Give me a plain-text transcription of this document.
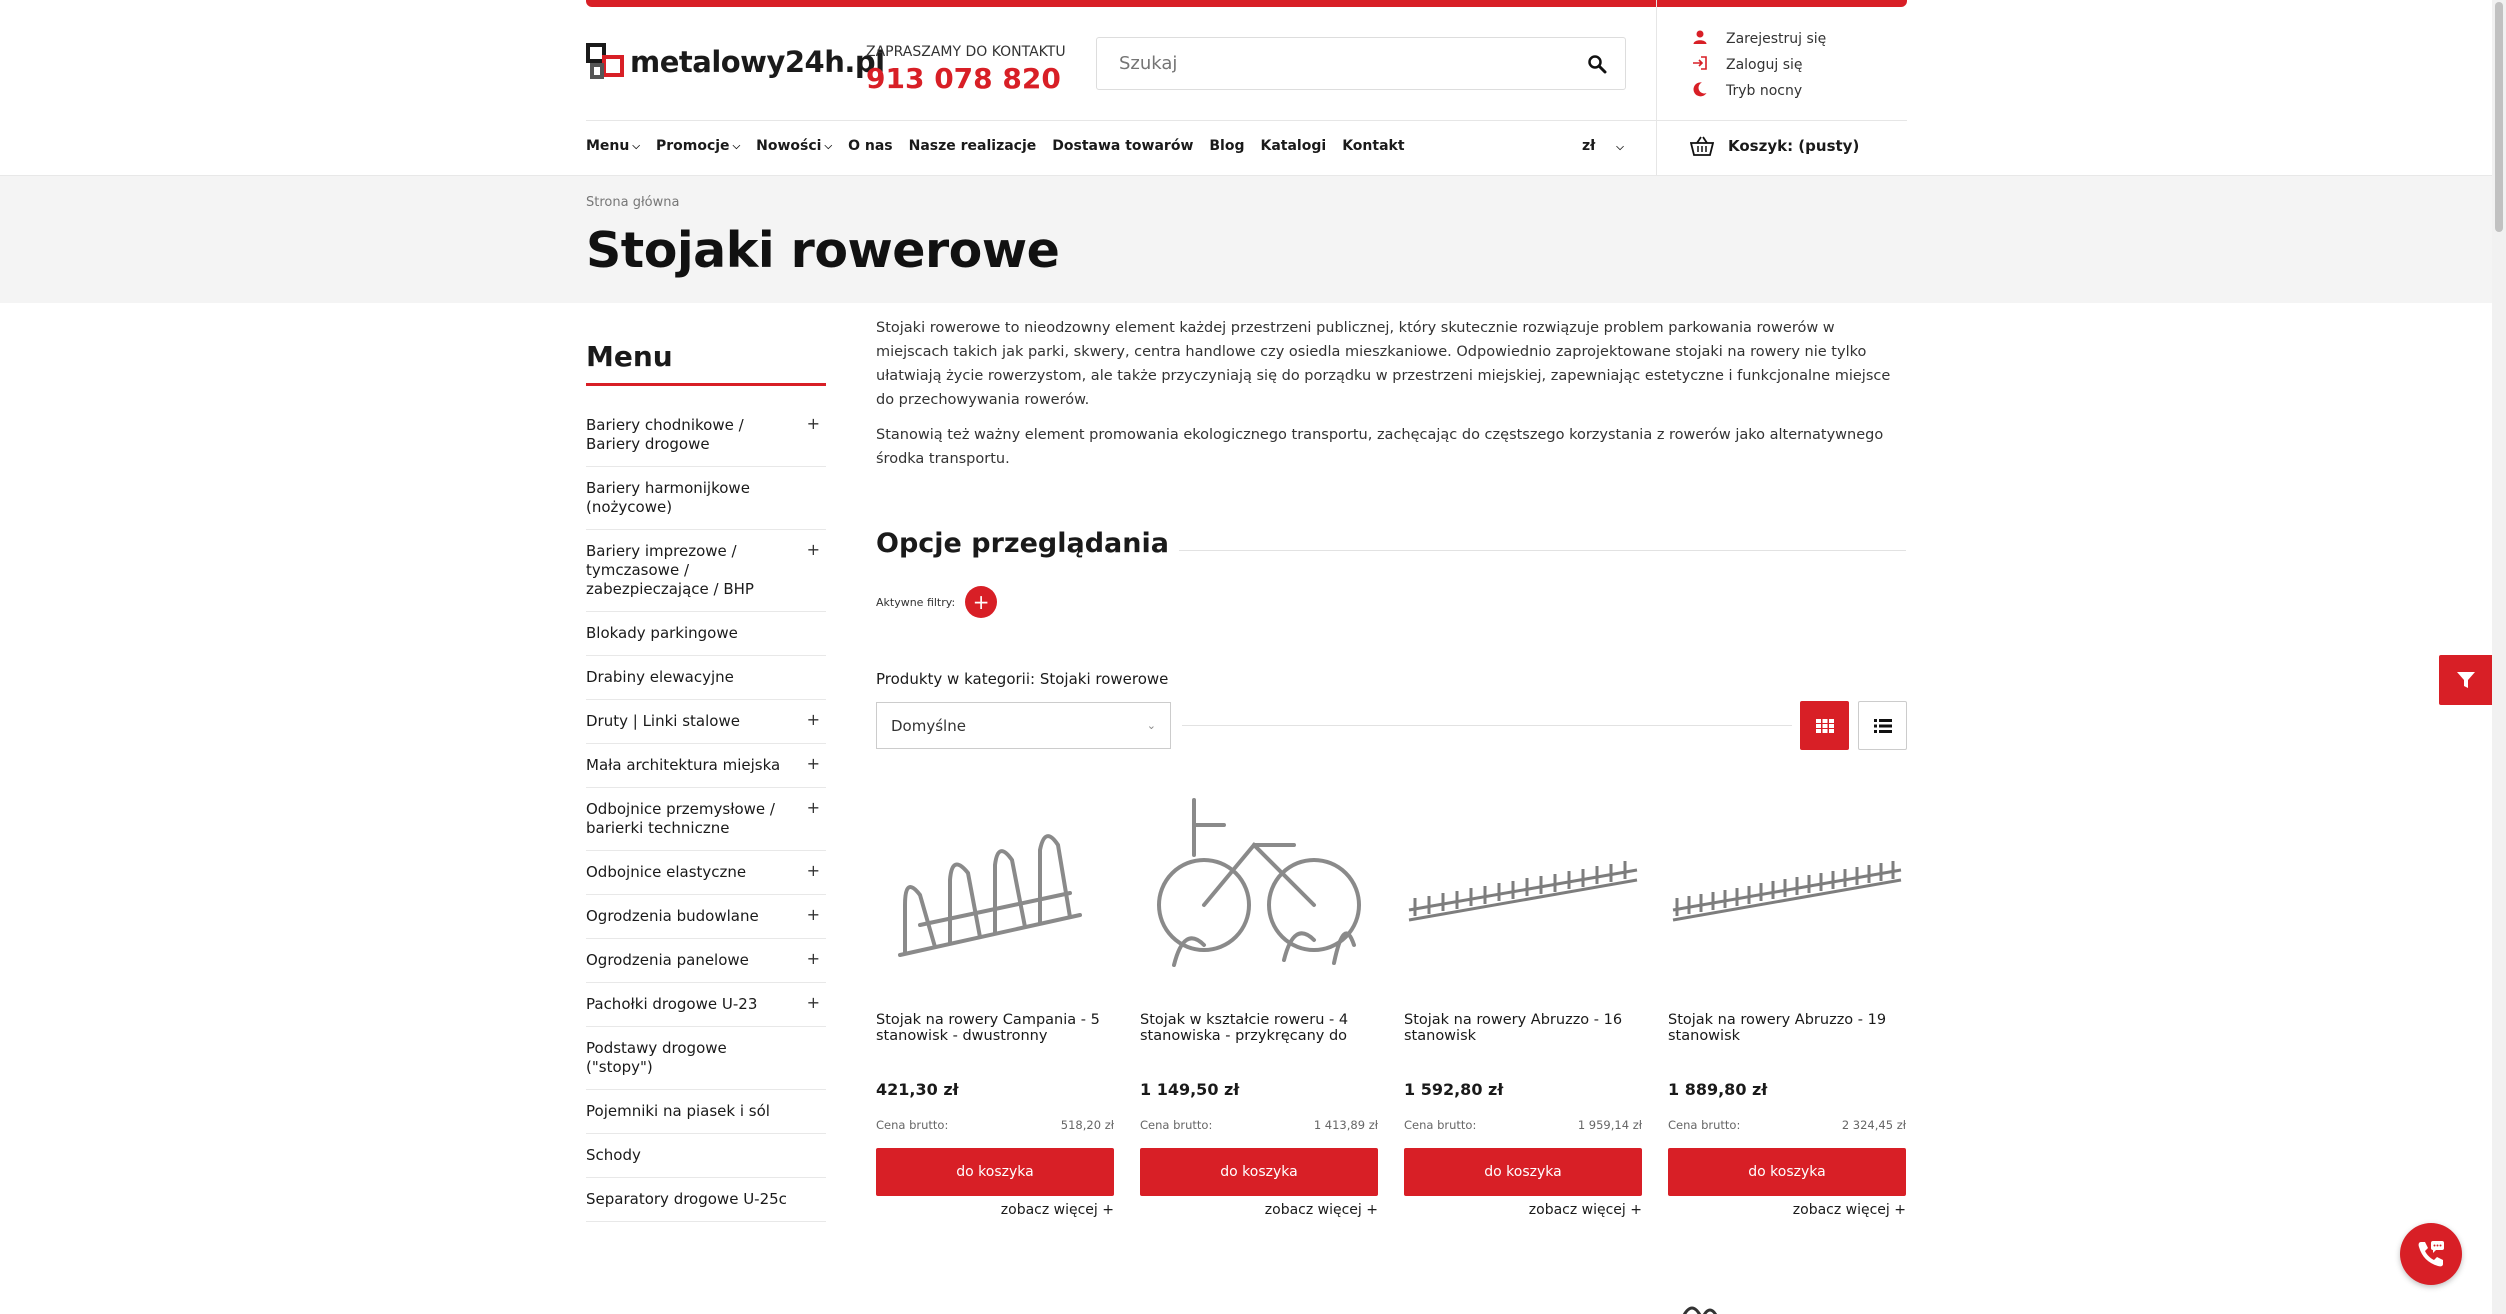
metalowy24h.pl
ZAPRASZAMY DO KONTAKTU
913 078 820
Szukaj
Zarejestruj się
Zaloguj się
Tryb nocny
Menu ⌵ Promocje ⌵ Nowości ⌵ O nas Nasze realizacje Dostawa towarów Blog Katalogi Kontakt	zł ⌵	Koszyk: (pusty)
Strona główna
Stojaki rowerowe
Menu
Bariery chodnikowe / Bariery drogowe
+
Bariery harmonijkowe (nożycowe)
Bariery imprezowe / tymczasowe / zabezpieczające / BHP
+
Blokady parkingowe
Drabiny elewacyjne
Druty | Linki stalowe	+
Mała architektura miejska +
Odbojnice przemysłowe / barierki techniczne
+
Odbojnice elastyczne	+
Ogrodzenia budowlane	+
Ogrodzenia panelowe	+
Pachołki drogowe U-23	+
Podstawy drogowe ("stopy")
Pojemniki na piasek i sól
Schody
Separatory drogowe U-25c

Stojaki rowerowe to nieodzowny element każdej przestrzeni publicznej, który skutecznie rozwiązuje problem parkowania rowerów w miejscach takich jak parki, skwery, centra handlowe czy osiedla mieszkaniowe. Odpowiednio zaprojektowane stojaki na rowery nie tylko ułatwiają życie rowerzystom, ale także przyczyniają się do porządku w przestrzeni miejskiej, zapewniając estetyczne i funkcjonalne miejsce do przechowywania rowerów.

Stanowią też ważny element promowania ekologicznego transportu, zachęcając do częstszego korzystania z rowerów jako alternatywnego środka transportu.

Opcje przeglądania
Aktywne filtry: +
Produkty w kategorii: Stojaki rowerowe
Domyślne	⌄
Stojak na rowery Campania - 5 stanowisk - dwustronny
421,30 zł
Cena brutto:	518,20 zł
do koszyka
zobacz więcej +
Stojak w kształcie roweru - 4 stanowiska - przykręcany do
1 149,50 zł
Cena brutto:	1 413,89 zł
do koszyka
zobacz więcej +
Stojak na rowery Abruzzo - 16 stanowisk
1 592,80 zł
Cena brutto:	1 959,14 zł
do koszyka
zobacz więcej +
Stojak na rowery Abruzzo - 19 stanowisk
1 889,80 zł
Cena brutto:	2 324,45 zł
do koszyka
zobacz więcej +
